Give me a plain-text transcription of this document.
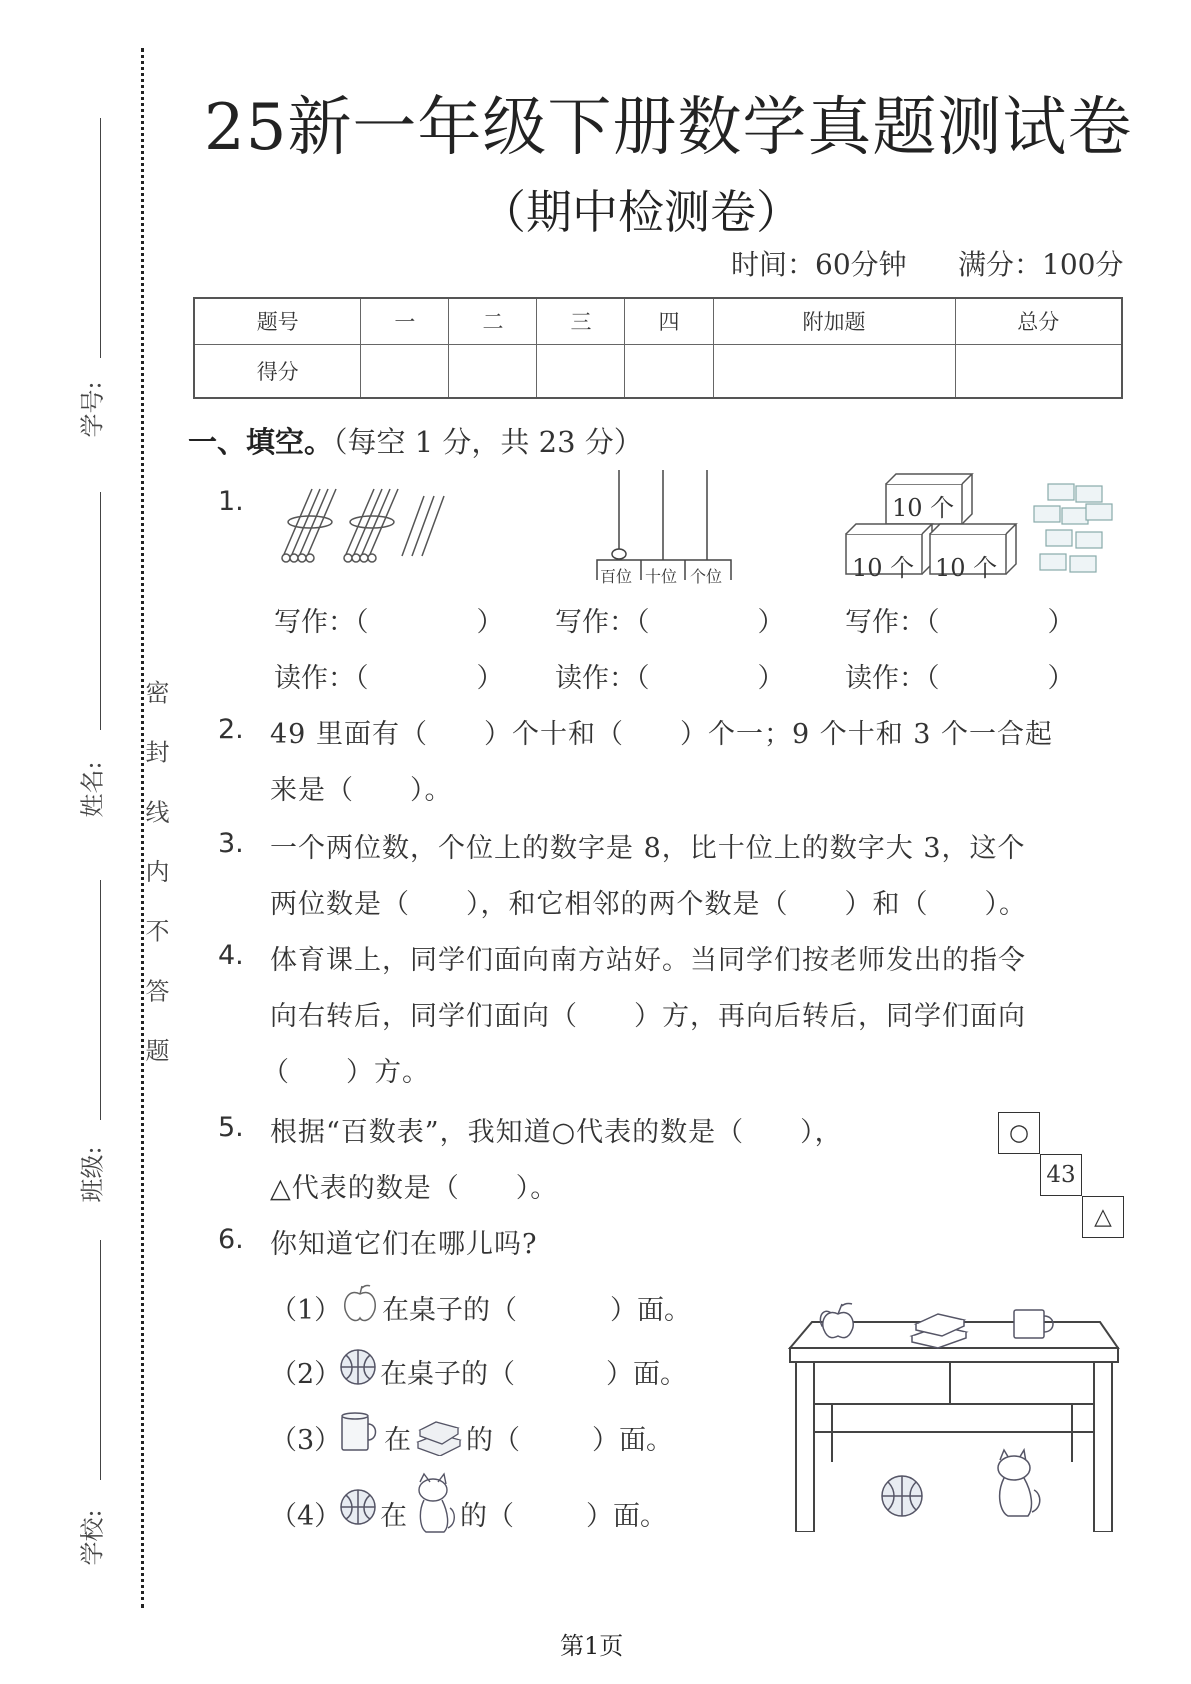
学号:
姓名:
班级:
学校:
密 封 线 内 不 答 题
25新一年级下册数学真题测试卷
（期中检测卷）
时间：60分钟 满分：100分
题号	一	二	三	四	附加题	总分
得分						
一、填空。（每空 1 分，共 23 分）
1.
百位 十位 个位
10 个
10 个 10 个
写作：（　　　　） 写作：（　　　　） 写作：（　　　　）
读作：（　　　　） 读作：（　　　　） 读作：（　　　　）
2. 49 里面有（　　）个十和（　　）个一；9 个十和 3 个一合起
来是（　　）。
3. 一个两位数，个位上的数字是 8，比十位上的数字大 3，这个
两位数是（　　），和它相邻的两个数是（　　）和（　　）。
4. 体育课上，同学们面向南方站好。当同学们按老师发出的指令
向右转后，同学们面向（　　）方，再向后转后，同学们面向
（　　）方。
5. 根据“百数表”，我知道○代表的数是（　　），
△代表的数是（　　）。
○
43
△
6. 你知道它们在哪儿吗?
（1） 在桌子的（	）面。
（2） 在桌子的（	）面。
（3） 在 的（	）面。
（4） 在 的（	）面。
第1页
